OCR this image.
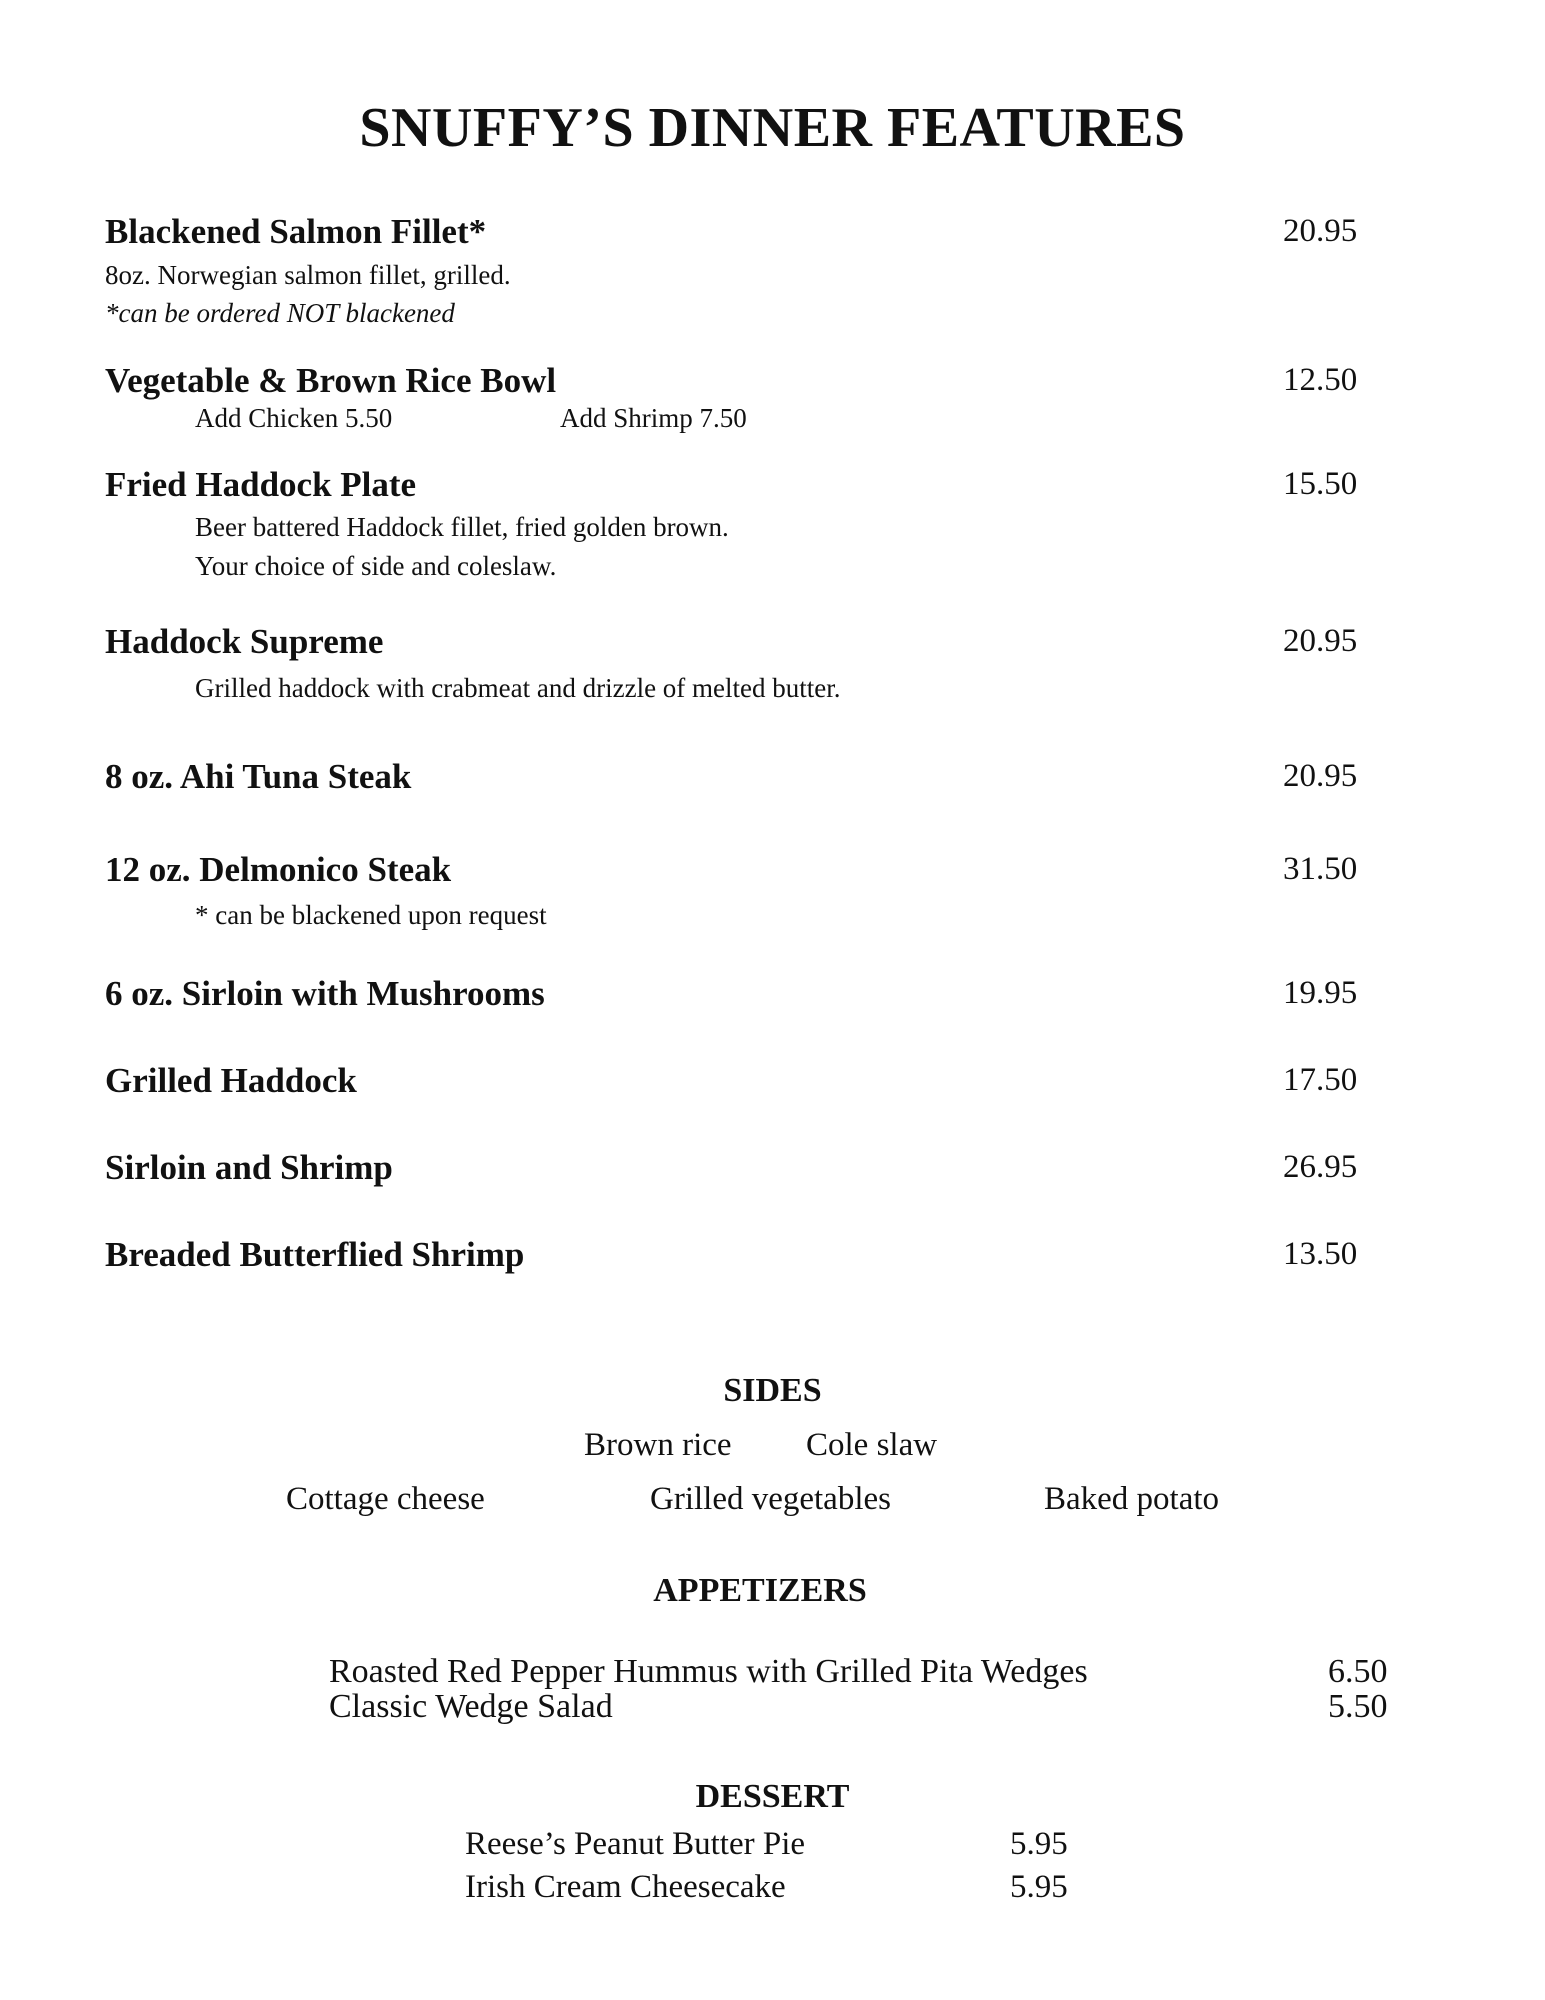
SNUFFY’S DINNER FEATURES
Blackened Salmon Fillet*	20.95
8oz. Norwegian salmon fillet, grilled.
*can be ordered NOT blackened
Vegetable & Brown Rice Bowl	12.50
Add Chicken 5.50	Add Shrimp 7.50
Fried Haddock Plate	15.50
Beer battered Haddock fillet, fried golden brown.
Your choice of side and coleslaw.
Haddock Supreme	20.95
Grilled haddock with crabmeat and drizzle of melted butter.
8 oz. Ahi Tuna Steak	20.95
12 oz. Delmonico Steak	31.50
* can be blackened upon request
6 oz. Sirloin with Mushrooms	19.95
Grilled Haddock	17.50
Sirloin and Shrimp	26.95
Breaded Butterflied Shrimp	13.50
SIDES
Brown rice Cole slaw
Cottage cheese	Grilled vegetables	Baked potato
APPETIZERS
Roasted Red Pepper Hummus with Grilled Pita Wedges	6.50
Classic Wedge Salad	5.50
DESSERT
Reese’s Peanut Butter Pie	5.95
Irish Cream Cheesecake	5.95
